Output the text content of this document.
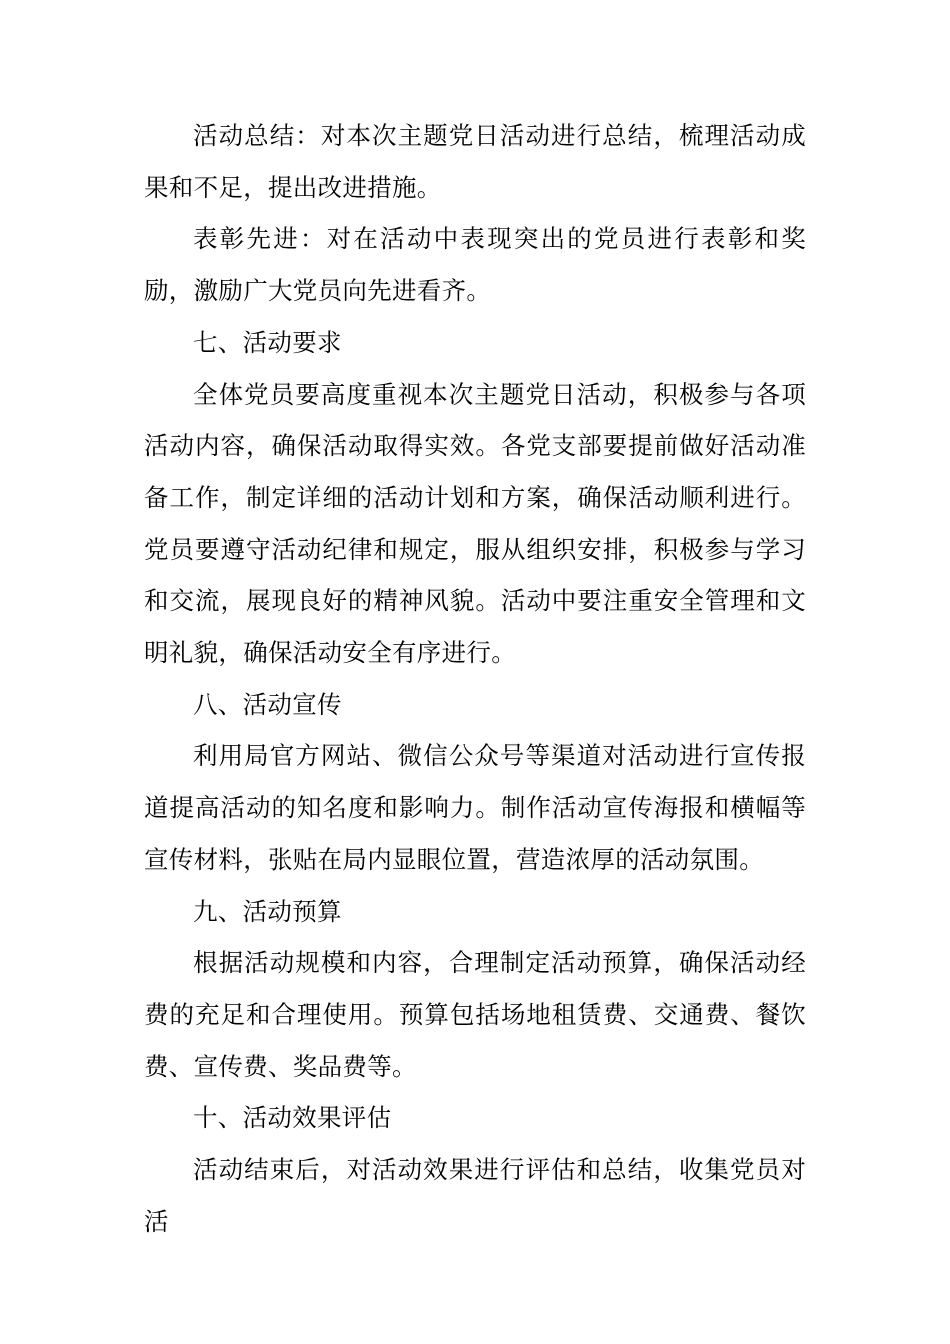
活动总结：对本次主题党日活动进行总结，梳理活动成果和不足，提出改进措施。

表彰先进：对在活动中表现突出的党员进行表彰和奖励，激励广大党员向先进看齐。

七、活动要求

全体党员要高度重视本次主题党日活动，积极参与各项活动内容，确保活动取得实效。各党支部要提前做好活动准备工作，制定详细的活动计划和方案，确保活动顺利进行。党员要遵守活动纪律和规定，服从组织安排，积极参与学习和交流，展现良好的精神风貌。活动中要注重安全管理和文明礼貌，确保活动安全有序进行。

八、活动宣传

利用局官方网站、微信公众号等渠道对活动进行宣传报道提高活动的知名度和影响力。制作活动宣传海报和横幅等宣传材料，张贴在局内显眼位置，营造浓厚的活动氛围。

九、活动预算

根据活动规模和内容，合理制定活动预算，确保活动经费的充足和合理使用。预算包括场地租赁费、交通费、餐饮费、宣传费、奖品费等。

十、活动效果评估

活动结束后，对活动效果进行评估和总结，收集党员对活
